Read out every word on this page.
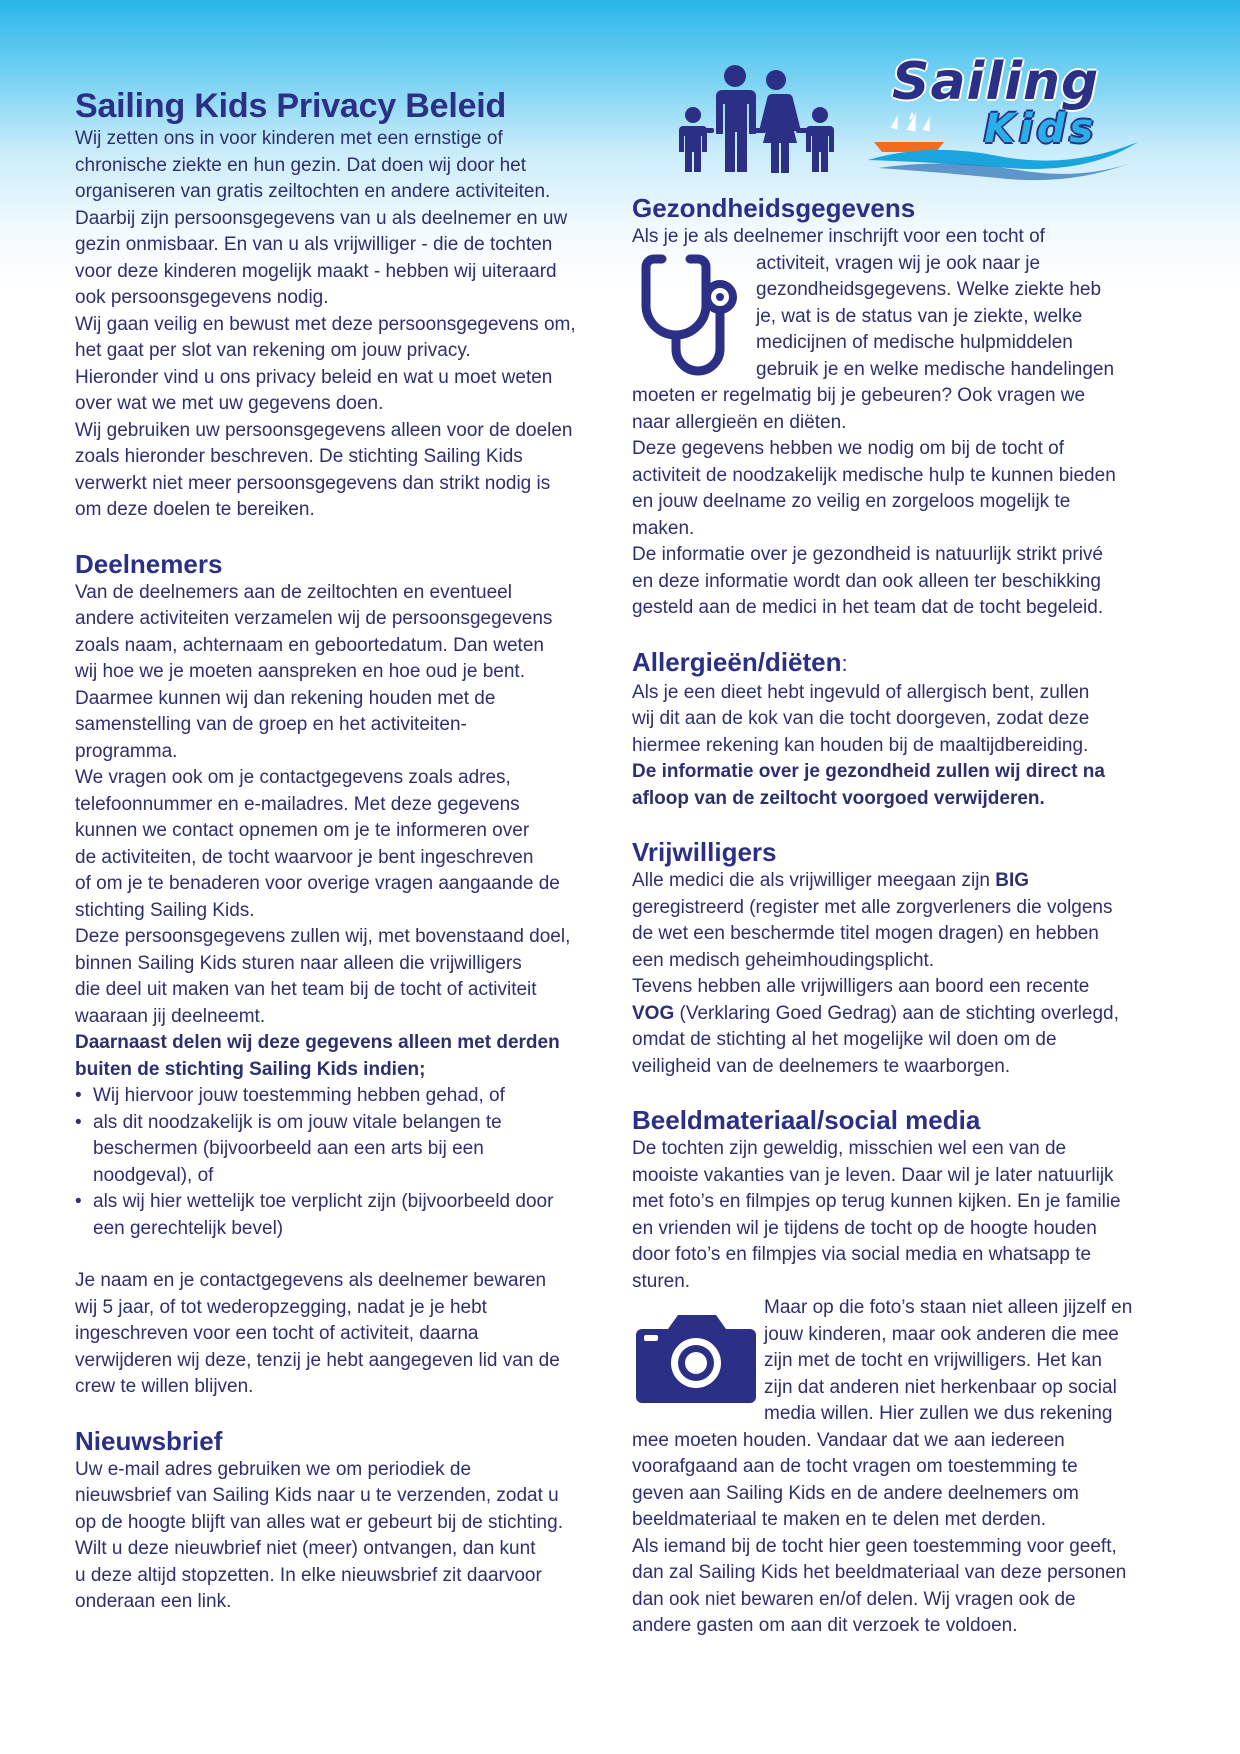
Sailing
Kids
Sailing Kids Privacy Beleid
Wij zetten ons in voor kinderen met een ernstige of
chronische ziekte en hun gezin. Dat doen wij door het
organiseren van gratis zeiltochten en andere activiteiten.
Daarbij zijn persoonsgegevens van u als deelnemer en uw
gezin onmisbaar. En van u als vrijwilliger - die de tochten
voor deze kinderen mogelijk maakt - hebben wij uiteraard
ook persoonsgegevens nodig.
Wij gaan veilig en bewust met deze persoonsgegevens om,
het gaat per slot van rekening om jouw privacy.
Hieronder vind u ons privacy beleid en wat u moet weten
over wat we met uw gegevens doen.
Wij gebruiken uw persoonsgegevens alleen voor de doelen
zoals hieronder beschreven. De stichting Sailing Kids
verwerkt niet meer persoonsgegevens dan strikt nodig is
om deze doelen te bereiken.
Deelnemers
Van de deelnemers aan de zeiltochten en eventueel
andere activiteiten verzamelen wij de persoonsgegevens
zoals naam, achternaam en geboortedatum. Dan weten
wij hoe we je moeten aanspreken en hoe oud je bent.
Daarmee kunnen wij dan rekening houden met de
samenstelling van de groep en het activiteiten-
programma.
We vragen ook om je contactgegevens zoals adres,
telefoonnummer en e-mailadres. Met deze gegevens
kunnen we contact opnemen om je te informeren over
de activiteiten, de tocht waarvoor je bent ingeschreven
of om je te benaderen voor overige vragen aangaande de
stichting Sailing Kids.
Deze persoonsgegevens zullen wij, met bovenstaand doel,
binnen Sailing Kids sturen naar alleen die vrijwilligers
die deel uit maken van het team bij de tocht of activiteit
waaraan jij deelneemt.
Daarnaast delen wij deze gegevens alleen met derden
buiten de stichting Sailing Kids indien;
• Wij hiervoor jouw toestemming hebben gehad, of
• als dit noodzakelijk is om jouw vitale belangen te
beschermen (bijvoorbeeld aan een arts bij een
noodgeval), of
• als wij hier wettelijk toe verplicht zijn (bijvoorbeeld door
een gerechtelijk bevel)
Je naam en je contactgegevens als deelnemer bewaren
wij 5 jaar, of tot wederopzegging, nadat je je hebt
ingeschreven voor een tocht of activiteit, daarna
verwijderen wij deze, tenzij je hebt aangegeven lid van de
crew te willen blijven.
Nieuwsbrief
Uw e-mail adres gebruiken we om periodiek de
nieuwsbrief van Sailing Kids naar u te verzenden, zodat u
op de hoogte blijft van alles wat er gebeurt bij de stichting.
Wilt u deze nieuwbrief niet (meer) ontvangen, dan kunt
u deze altijd stopzetten. In elke nieuwsbrief zit daarvoor
onderaan een link.
Gezondheidsgegevens
Als je je als deelnemer inschrijft voor een tocht of
activiteit, vragen wij je ook naar je
gezondheidsgegevens. Welke ziekte heb
je, wat is de status van je ziekte, welke
medicijnen of medische hulpmiddelen
gebruik je en welke medische handelingen
moeten er regelmatig bij je gebeuren? Ook vragen we
naar allergieën en diëten.
Deze gegevens hebben we nodig om bij de tocht of
activiteit de noodzakelijk medische hulp te kunnen bieden
en jouw deelname zo veilig en zorgeloos mogelijk te
maken.
De informatie over je gezondheid is natuurlijk strikt privé
en deze informatie wordt dan ook alleen ter beschikking
gesteld aan de medici in het team dat de tocht begeleid.
Allergieën/diëten:
Als je een dieet hebt ingevuld of allergisch bent, zullen
wij dit aan de kok van die tocht doorgeven, zodat deze
hiermee rekening kan houden bij de maaltijdbereiding.
De informatie over je gezondheid zullen wij direct na
afloop van de zeiltocht voorgoed verwijderen.
Vrijwilligers
Alle medici die als vrijwilliger meegaan zijn BIG
geregistreerd (register met alle zorgverleners die volgens
de wet een beschermde titel mogen dragen) en hebben
een medisch geheimhoudingsplicht.
Tevens hebben alle vrijwilligers aan boord een recente
VOG (Verklaring Goed Gedrag) aan de stichting overlegd,
omdat de stichting al het mogelijke wil doen om de
veiligheid van de deelnemers te waarborgen.
Beeldmateriaal/social media
De tochten zijn geweldig, misschien wel een van de
mooiste vakanties van je leven. Daar wil je later natuurlijk
met foto’s en filmpjes op terug kunnen kijken. En je familie
en vrienden wil je tijdens de tocht op de hoogte houden
door foto’s en filmpjes via social media en whatsapp te
sturen.
Maar op die foto’s staan niet alleen jijzelf en
jouw kinderen, maar ook anderen die mee
zijn met de tocht en vrijwilligers. Het kan
zijn dat anderen niet herkenbaar op social
media willen. Hier zullen we dus rekening
mee moeten houden. Vandaar dat we aan iedereen
voorafgaand aan de tocht vragen om toestemming te
geven aan Sailing Kids en de andere deelnemers om
beeldmateriaal te maken en te delen met derden.
Als iemand bij de tocht hier geen toestemming voor geeft,
dan zal Sailing Kids het beeldmateriaal van deze personen
dan ook niet bewaren en/of delen. Wij vragen ook de
andere gasten om aan dit verzoek te voldoen.
